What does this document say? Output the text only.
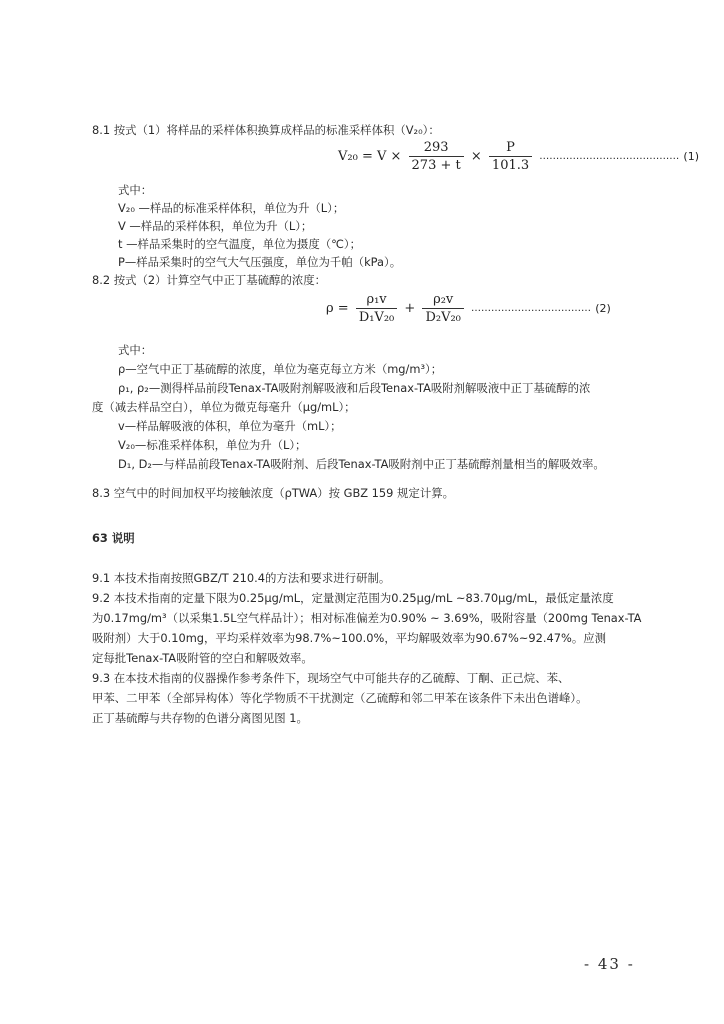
8.1 按式（1）将样品的采样体积换算成样品的标准采样体积（V₂₀）：
$V_{20} = V \times \frac{293}{273 + t} \times \frac{P}{101.3}$ …………………………………… (1)
式中：
V₂₀ —样品的标准采样体积，单位为升（L）；
V —样品的采样体积，单位为升（L）；
t —样品采集时的空气温度，单位为摄度（℃）；
P—样品采集时的空气大气压强度，单位为千帕（kPa）。
8.2 按式（2）计算空气中正丁基硫醇的浓度：
$\rho = \frac{\text{ρ₁v}}{\text{D₁V₂₀}} + \frac{\text{ρ₂v}}{\text{D₂V₂₀}}$ ……………………………… (2)
式中：
ρ—空气中正丁基硫醇的浓度，单位为毫克每立方米（mg/m³）；
ρ₁, ρ₂—测得样品前段Tenax-TA吸附剂解吸液和后段Tenax-TA吸附剂解吸液中正丁基硫醇的浓
度（减去样品空白），单位为微克每毫升（μg/mL）；
v—样品解吸液的体积，单位为毫升（mL）；
V₂₀—标准采样体积，单位为升（L）；
D₁, D₂—与样品前段Tenax-TA吸附剂、后段Tenax-TA吸附剂中正丁基硫醇剂量相当的解吸效率。
8.3 空气中的时间加权平均接触浓度（ρTWA）按 GBZ 159 规定计算。
63 说明
9.1 本技术指南按照GBZ/T 210.4的方法和要求进行研制。
9.2 本技术指南的定量下限为0.25μg/mL，定量测定范围为0.25μg/mL ~83.70μg/mL，最低定量浓度
为0.17mg/m³（以采集1.5L空气样品计）；相对标准偏差为0.90% ~ 3.69%，吸附容量（200mg Tenax-TA
吸附剂）大于0.10mg，平均采样效率为98.7%~100.0%，平均解吸效率为90.67%~92.47%。应测
定每批Tenax-TA吸附管的空白和解吸效率。
9.3 在本技术指南的仪器操作参考条件下，现场空气中可能共存的乙硫醇、丁酮、正己烷、苯、
甲苯、二甲苯（全部异构体）等化学物质不干扰测定（乙硫醇和邻二甲苯在该条件下未出色谱峰）。
正丁基硫醇与共存物的色谱分离图见图 1。
- 43 -
